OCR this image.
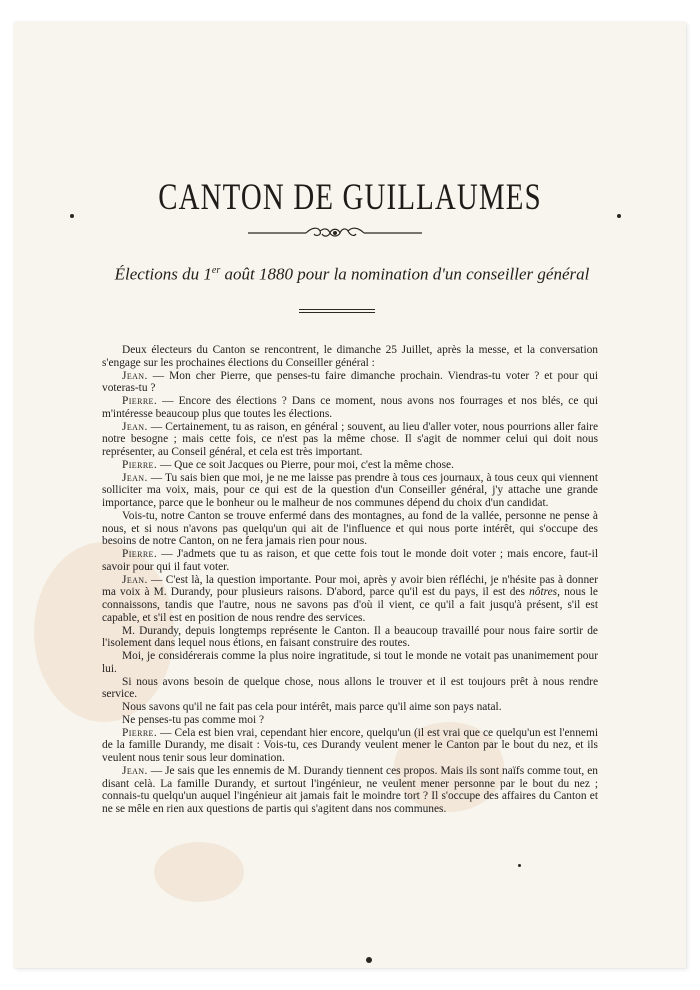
CANTON DE GUILLAUMES
Élections du 1er août 1880 pour la nomination d'un conseiller général

Deux électeurs du Canton se rencontrent, le dimanche 25 Juillet, après la messe, et la conversation s'engage sur les prochaines élections du Conseiller général :

Jean. — Mon cher Pierre, que penses-tu faire dimanche prochain. Viendras-tu voter ? et pour qui voteras-tu ?

Pierre. — Encore des élections ? Dans ce moment, nous avons nos fourrages et nos blés, ce qui m'intéresse beaucoup plus que toutes les élections.

Jean. — Certainement, tu as raison, en général ; souvent, au lieu d'aller voter, nous pourrions aller faire notre besogne ; mais cette fois, ce n'est pas la même chose. Il s'agit de nommer celui qui doit nous représenter, au Conseil général, et cela est très important.

Pierre. — Que ce soit Jacques ou Pierre, pour moi, c'est la même chose.

Jean. — Tu sais bien que moi, je ne me laisse pas prendre à tous ces journaux, à tous ceux qui viennent solliciter ma voix, mais, pour ce qui est de la question d'un Conseiller général, j'y attache une grande importance, parce que le bonheur ou le malheur de nos communes dépend du choix d'un candidat.

Vois-tu, notre Canton se trouve enfermé dans des montagnes, au fond de la vallée, personne ne pense à nous, et si nous n'avons pas quelqu'un qui ait de l'influence et qui nous porte intérêt, qui s'occupe des besoins de notre Canton, on ne fera jamais rien pour nous.

Pierre. — J'admets que tu as raison, et que cette fois tout le monde doit voter ; mais encore, faut-il savoir pour qui il faut voter.

Jean. — C'est là, la question importante. Pour moi, après y avoir bien réfléchi, je n'hésite pas à donner ma voix à M. Durandy, pour plusieurs raisons. D'abord, parce qu'il est du pays, il est des nôtres, nous le connaissons, tandis que l'autre, nous ne savons pas d'où il vient, ce qu'il a fait jusqu'à présent, s'il est capable, et s'il est en position de nous rendre des services.

M. Durandy, depuis longtemps représente le Canton. Il a beaucoup travaillé pour nous faire sortir de l'isolement dans lequel nous étions, en faisant construire des routes.

Moi, je considérerais comme la plus noire ingratitude, si tout le monde ne votait pas unanimement pour lui.

Si nous avons besoin de quelque chose, nous allons le trouver et il est toujours prêt à nous rendre service.

Nous savons qu'il ne fait pas cela pour intérêt, mais parce qu'il aime son pays natal.

Ne penses-tu pas comme moi ?

Pierre. — Cela est bien vrai, cependant hier encore, quelqu'un (il est vrai que ce quelqu'un est l'ennemi de la famille Durandy, me disait : Vois-tu, ces Durandy veulent mener le Canton par le bout du nez, et ils veulent nous tenir sous leur domination.

Jean. — Je sais que les ennemis de M. Durandy tiennent ces propos. Mais ils sont naïfs comme tout, en disant celà. La famille Durandy, et surtout l'ingénieur, ne veulent mener personne par le bout du nez ; connais-tu quelqu'un auquel l'ingénieur ait jamais fait le moindre tort ? Il s'occupe des affaires du Canton et ne se mêle en rien aux questions de partis qui s'agitent dans nos communes.
